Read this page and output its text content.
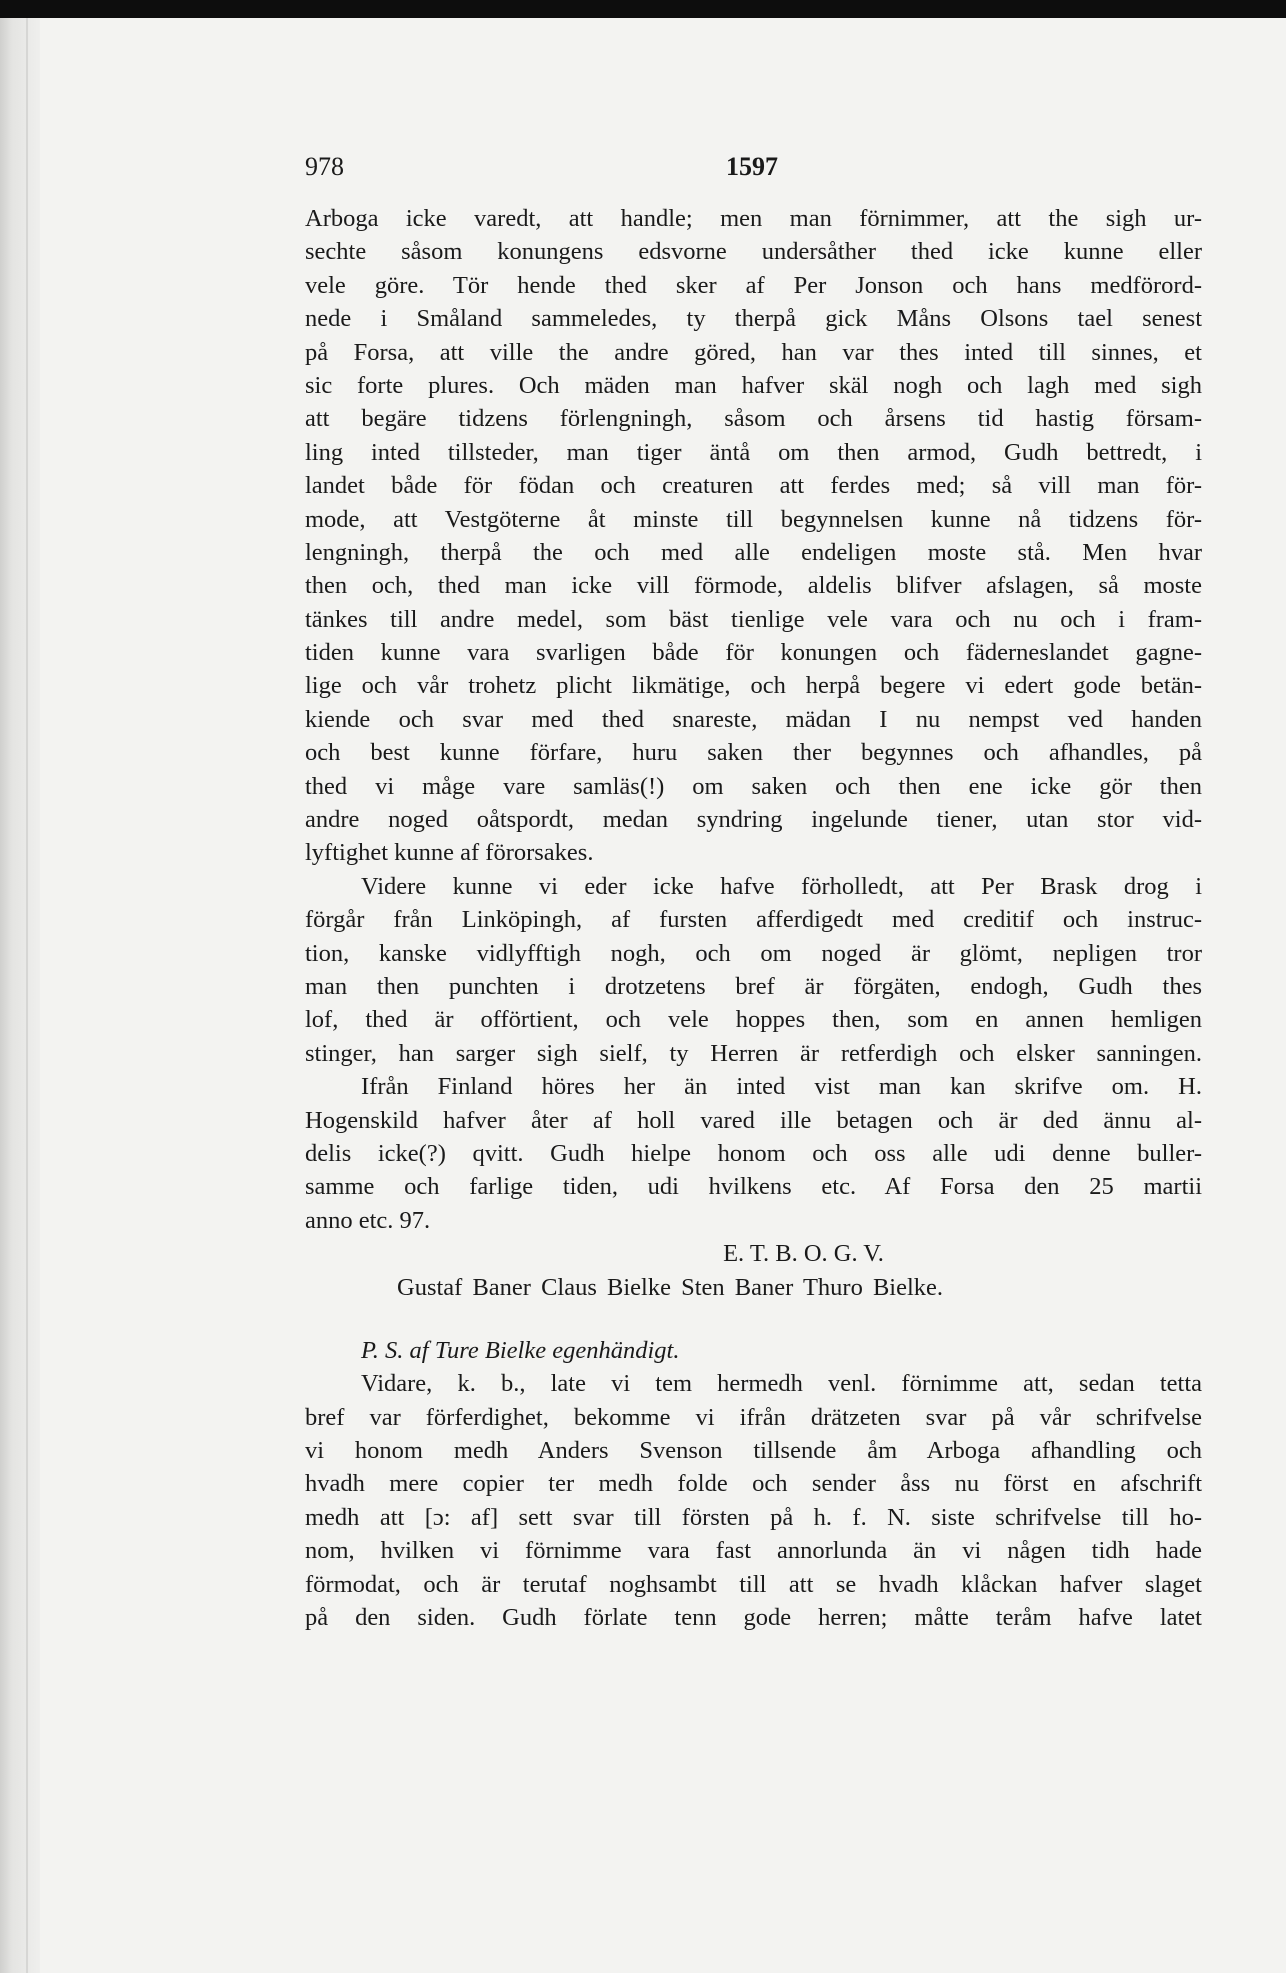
978	1597
Arboga icke varedt, att handle; men man förnimmer, att the sigh ur-
sechte såsom konungens edsvorne undersåther thed icke kunne eller
vele göre. Tör hende thed sker af Per Jonson och hans medförord-
nede i Småland sammeledes, ty therpå gick Måns Olsons tael senest
på Forsa, att ville the andre göred, han var thes inted till sinnes, et
sic forte plures. Och mäden man hafver skäl nogh och lagh med sigh
att begäre tidzens förlengningh, såsom och årsens tid hastig försam-
ling inted tillsteder, man tiger äntå om then armod, Gudh bettredt, i
landet både för födan och creaturen att ferdes med; så vill man för-
mode, att Vestgöterne åt minste till begynnelsen kunne nå tidzens för-
lengningh, therpå the och med alle endeligen moste stå. Men hvar
then och, thed man icke vill förmode, aldelis blifver afslagen, så moste
tänkes till andre medel, som bäst tienlige vele vara och nu och i fram-
tiden kunne vara svarligen både för konungen och fäderneslandet gagne-
lige och vår trohetz plicht likmätige, och herpå begere vi edert gode betän-
kiende och svar med thed snareste, mädan I nu nempst ved handen
och best kunne förfare, huru saken ther begynnes och afhandles, på
thed vi måge vare samläs(!) om saken och then ene icke gör then
andre noged oåtspordt, medan syndring ingelunde tiener, utan stor vid-
lyftighet kunne af förorsakes.
Videre kunne vi eder icke hafve förholledt, att Per Brask drog i
förgår från Linköpingh, af fursten afferdigedt med creditif och instruc-
tion, kanske vidlyfftigh nogh, och om noged är glömt, nepligen tror
man then punchten i drotzetens bref är förgäten, endogh, Gudh thes
lof, thed är offörtient, och vele hoppes then, som en annen hemligen
stinger, han sarger sigh sielf, ty Herren är retferdigh och elsker sanningen.
Ifrån Finland höres her än inted vist man kan skrifve om. H.
Hogenskild hafver åter af holl vared ille betagen och är ded ännu al-
delis icke(?) qvitt. Gudh hielpe honom och oss alle udi denne buller-
samme och farlige tiden, udi hvilkens etc. Af Forsa den 25 martii
anno etc. 97.
E. T. B. O. G. V.
Gustaf Baner Claus Bielke Sten Baner Thuro Bielke.
P. S. af Ture Bielke egenhändigt.
Vidare, k. b., late vi tem hermedh venl. förnimme att, sedan tetta
bref var förferdighet, bekomme vi ifrån drätzeten svar på vår schrifvelse
vi honom medh Anders Svenson tillsende åm Arboga afhandling och
hvadh mere copier ter medh folde och sender åss nu först en afschrift
medh att [ɔ: af] sett svar till försten på h. f. N. siste schrifvelse till ho-
nom, hvilken vi förnimme vara fast annorlunda än vi någen tidh hade
förmodat, och är terutaf noghsambt till att se hvadh klåckan hafver slaget
på den siden. Gudh förlate tenn gode herren; måtte teråm hafve latet
